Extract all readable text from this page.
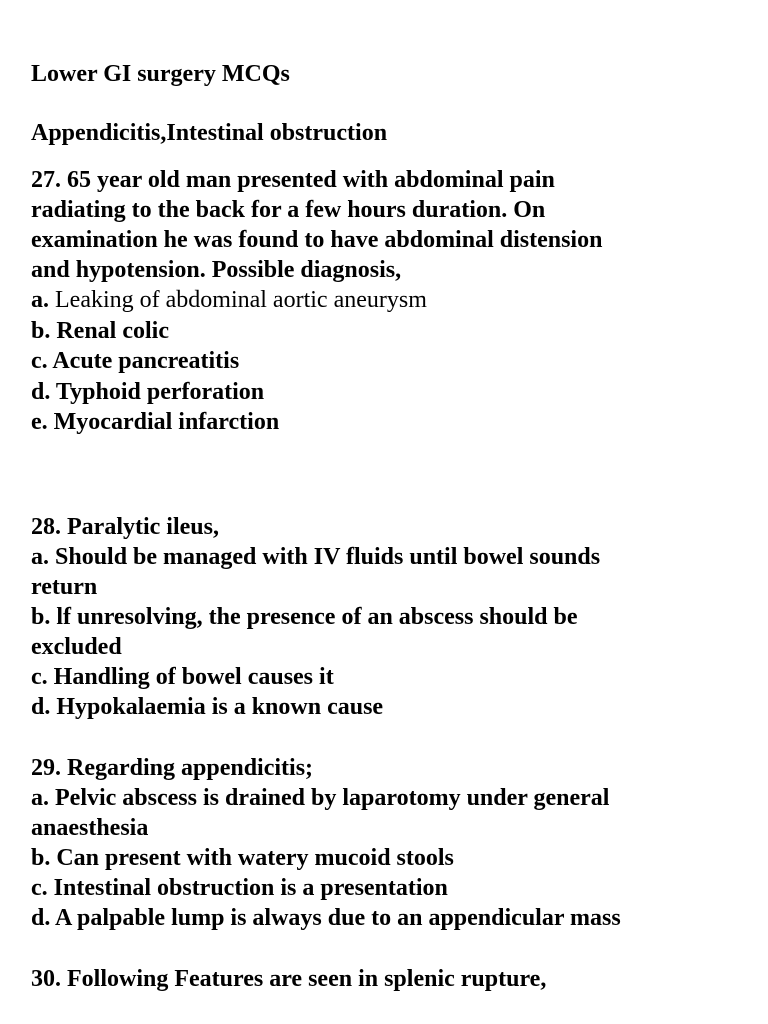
Lower GI surgery MCQs
Appendicitis,Intestinal obstruction
27. 65 year old man presented with abdominal pain
radiating to the back for a few hours duration. On
examination he was found to have abdominal distension
and hypotension. Possible diagnosis,
a. Leaking of abdominal aortic aneurysm
b. Renal colic
c. Acute pancreatitis
d. Typhoid perforation
e. Myocardial infarction
28. Paralytic ileus,
a. Should be managed with IV fluids until bowel sounds
return
b. lf unresolving, the presence of an abscess should be
excluded
c. Handling of bowel causes it
d. Hypokalaemia is a known cause
29. Regarding appendicitis;
a. Pelvic abscess is drained by laparotomy under general
anaesthesia
b. Can present with watery mucoid stools
c. Intestinal obstruction is a presentation
d. A palpable lump is always due to an appendicular mass
30. Following Features are seen in splenic rupture,
